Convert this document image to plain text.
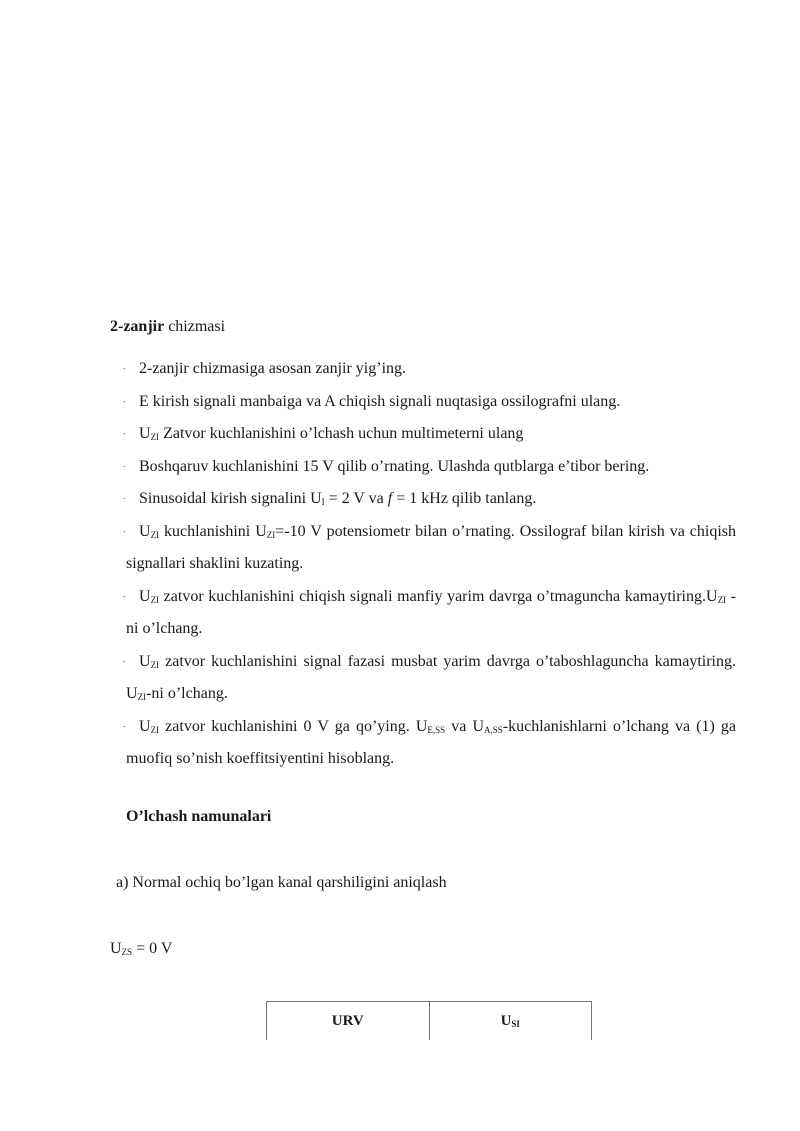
2-zanjir chizmasi
- 2-zanjir chizmasiga asosan zanjir yig’ing.
- E kirish signali manbaiga va A chiqish signali nuqtasiga ossilografni ulang.
- $U_{ZI}$ Zatvor kuchlanishini o’lchash uchun multimeterni ulang
- Boshqaruv kuchlanishini 15 V qilib o’rnating. Ulashda qutblarga e’tibor bering.
- Sinusoidal kirish signalini $U_I = 2$ V va f = 1 kHz qilib tanlang.
- $U_{ZI}$ kuchlanishini $U_{ZI}=-10$ V potensiometr bilan o’rnating. Ossilograf bilan kirish va chiqish signallari shaklini kuzating.
- $U_{ZI}$ zatvor kuchlanishini chiqish signali manfiy yarim davrga o’tmaguncha $kamaytiring.U_{ZI}$ -ni o’lchang.
- $U_{ZI}$ zatvor kuchlanishini signal fazasi musbat yarim davrga o’taboshlaguncha kamaytiring. $U_{ZI}-ni$ o’lchang.
- $U_{ZI}$ zatvor kuchlanishini 0 V ga qo’ying. $U_{E,SS}$ va $U_{A,SS}$-kuchlanishlarni o’lchang va (1) ga muofiq so’nish koeffitsiyentini hisoblang.
O’lchash namunalari
a) Normal ochiq bo’lgan kanal qarshiligini aniqlash
$U_{ZS} = 0$ V
URV	$U_{SI}$
